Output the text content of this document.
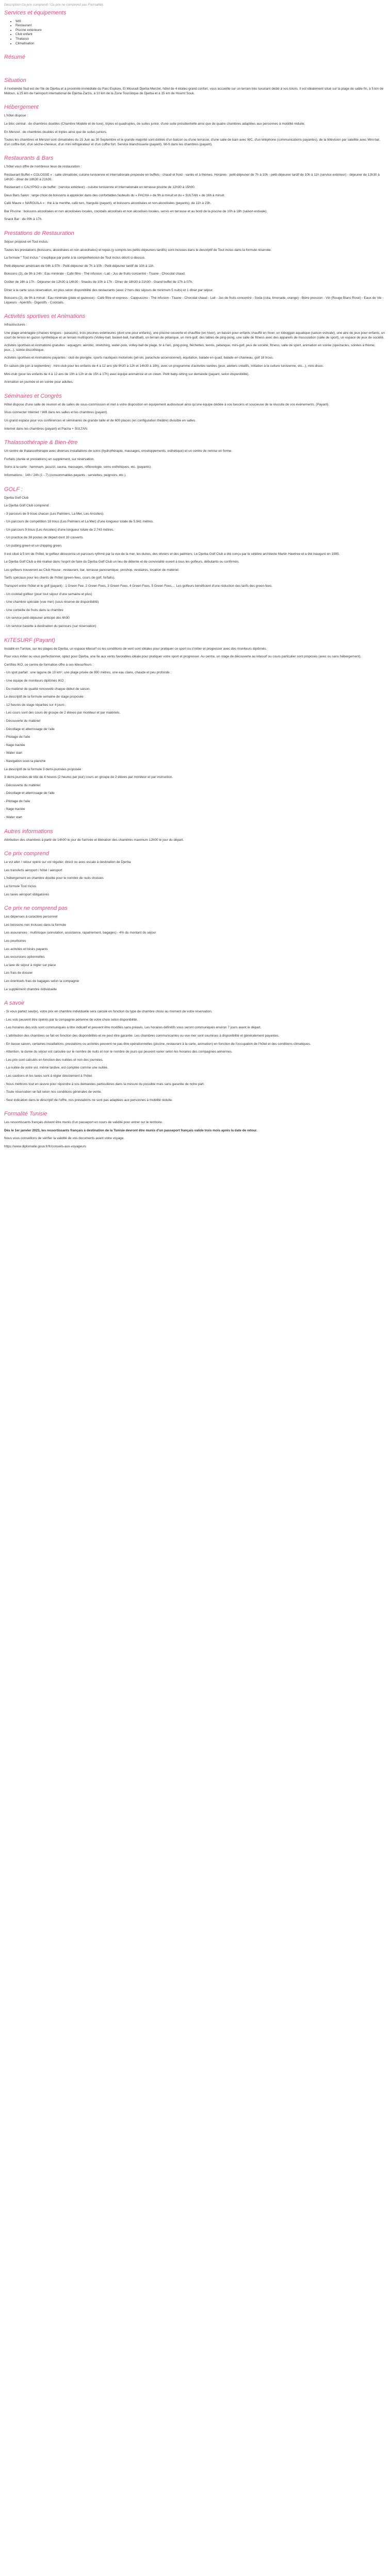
Description Ce prix comprend / Ce prix ne comprend pas Formalités
Services et équipements
• Wifi
• Restaurant
• Piscine extérieure
• Club enfant
• Thalasso
• Climatisation
Résumé
Situation

À l'extrémité Sud est de l'île de Djerba et à proximité immédiate du Parc Explore, El Mouradi Djerba Menzel, hôtel de 4 étoiles grand confort, vous accueille sur un terrain très luxuriant dédié à vos loisirs. Il est idéalement situé sur la plage de sable fin, à 5 km de Midoun, à 25 km de l'aéroport international de Djerba-Zarzis, à 10 km de la Zone Touristique de Djerba et à 15 km de Houmt Souk.

Hébergement

L'hôtel dispose :

Le bloc central : de chambres doubles (Chambre Modèle et de luxe), triples et quadruples, de suites junior, d'une suite présidentielle ainsi que de quatre chambres adaptées aux personnes à mobilité réduite.

En Menzel : de chambres doubles et triples ainsi que de suites juniors.

Toutes les chambres et Menzel sont climatisées du 15 Juin au 30 Septembre et le grande majorité sont dotées d'un balcon ou d'une terrasse, d'une salle de bain avec WC, d'un téléphone (communications payantes), de la télévision par satellite avec Mini-bar, d'un coffre-fort, d'un sèche-cheveux, d'un mini réfrigérateur et d'un coffre fort. Service blanchisserie (payant). Wi-fi dans les chambres (payant).

Restaurants & Bars

L'hôtel vous offre de nombreux lieux de restauration :

Restaurant Buffet « COLOSSE » : salle climatisée, cuisine tunisienne et internationale proposée en buffets - chaud et froid - variés et à thèmes. Horaires : petit-déjeuner de 7h à 10h - petit-déjeuner tardif de 10h à 11h (service extérieur) - déjeuner de 12h30 à 14h30 - dîner de 18h30 à 21h30.

Restaurant « CALYPSO » de buffet : (service extérieur) - cuisine tunisienne et internationale en terrasse piscine de 12h30 à 15h00.

Deux Bars Salon : large choix de boissons à apprécier dans des confortables fauteuils du « PACHA » de 9h à minuit et du « SULTAN » de 16h à minuit.

Café Maure « NARGUILA » : thé à la menthe, café turc, Narguilé (payant), et boissons alcoolisées et non-alcoolisées (payants), de 11h à 23h.

Bar Piscine : boissons alcoolisées et non alcoolisées locales, cocktails alcoolisés et non alcoolisés locales, servis en terrasse et au bord de la piscine de 10h à 18h (saison estivale).

Snack Bar : de 09h à 17h.

Prestations de Restauration

Séjour proposé en Tout inclus.

Toutes les prestations (boissons, alcoolisées et non alcoolisées) et repas (y compris les petits déjeuners tardifs) sont incluses dans le descriptif de Tout inclus dans la formule réservée.

La formule " Tout inclus " s'explique par porté à la compréhension de Tout inclus décrit ci-dessus.

Petit-déjeuner américain de 04h à 07h - Petit-déjeuner de 7h à 10h - Petit-déjeuner tardif de 10h à 11h.

Boissons (2), de 9h à 24h : Eau minérale - Café filtre - Thé infusion - Lait - Jus de fruits concentré - Tisane - Chocolat chaud.

Goûter de 16h à 17h - Déjeuner de 12h30 à 14h30 - Snacks de 10h à 17h - Dîner de 18h30 à 21h30 - Grand buffet de 17h à 07h.

Dîner à la carte sous réservation, en plus selon disponibilité des restaurants (avec 2 hors des séjours de minimum 5 nuits) et 1 dîner par séjour.

Boissons (2), de 9h à minuit : Eau minérale (plate et gazeuse) - Café filtre et express - Cappuccino - Thé infusion - Tisane - Chocolat chaud - Lait - Jus de fruits concentré - Soda (cola, limonade, orange) - Bière pression - Vin (Rouge Blanc Rosé) - Eaux de Vie - Liqueurs - Apéritifs - Digestifs - Cocktails.

Activités sportives et Animations

Infrastructures :

Une plage aménagée (chaises longues - parasols), trois piscines extérieures (dont une pour enfants), une piscine couverte et chauffée (en hiver), un bassin pour enfants chauffé en hiver, un toboggan aquatique (saison estivale), une aire de jeux pour enfants, un court de tennis en gazon synthétique et un terrain multisports (Volley-ball, basket-ball, handball), un terrain de pétanque, un mini-golf, des tables de ping-pong, une salle de fitness avec des appareils de musculation (salle de sport), un espace de jeux de société.

Activités sportives et Animations gratuites : aquagym, aérobic, stretching, water-polo, volley-ball de plage, tir à l'arc, ping-pong, fléchettes, tennis, pétanque, mini-golf, jeux de société, fitness, salle de sport, animation en soirée (spectacles, soirées à thème, jeux...), soirée discothèque.

Activités sportives et Animations payantes : club de plongée, sports nautiques motorisés (jet-ski, parachute ascensionnel), équitation, balade en quad, balade en chameau, golf 18 trous.

En saison (de juin à septembre) : mini-club pour les enfants de 4 à 12 ans (de 9h30 à 12h et 14h30 à 18h), avec un programme d'activités variées (jeux, ateliers créatifs, initiation à la culture tunisienne, etc...), mini-disco.

Mini-club (pour les enfants de 4 à 12 ans de 10h à 12h et de 15h à 17h) avec équipe animatrice et un clown. Petit baby-sitting sur demande (payant, selon disponibilité).

Animation en journée et en soirée pour adultes.

Séminaires et Congrès

Hôtel dispose d'une salle de réunion et de salles de sous-commission et met à votre disposition en équipement audiovisuel ainsi qu'une équipe dédiée à vos besoins et soucieuse de la réussite de vos événements. (Payant).

Vous connecter Internet ! Wifi dans les salles et les chambres (payant).

Un grand espace pour vos conférences et séminaires de grande taille et de 600 places (en configuration théâtre) divisible en salles.

Internet dans les chambres (payant) et Pacha + SULTAN.

Thalassothérapie & Bien-être

Un centre de thalassothérapie avec diverses installations de soins (hydrothérapie, massages, enveloppements, esthétique) et un centre de remise en forme.

Forfaits (durée et prestations) en supplément, sur réservation.

Soins à la carte : hammam, jacuzzi, sauna, massages, réflexologie, soins esthétiques, etc. (payants).

Informations : 14h / 24h (1 - 7) (consommables payants : serviettes, peignoirs, etc.).

GOLF :

Djerba Golf Club

Le Djerba Golf Club comprend :

- 3 parcours de 9 trous chacun (Les Palmiers, La Mer, Les Ancolies).

- Un parcours de compétition 18 trous (Les Palmiers et La Mer) d'une longueur totale de 5.941 mètres.

- Un parcours 9 trous (Les Ancolies) d'une longueur totale de 2.743 mètres.

- Un practice de 38 postes de départ dont 10 couverts.

- Un putting green et un chipping green.

Il est situé à 5 km de l'hôtel, le golfeur découvrira un parcours rythmé par la vue de la mer, les dunes, des oliviers et des palmiers. Le Djerba Golf Club a été conçu par le célèbre architecte Martin Hawtree et a été inauguré en 1995.

Le Djerba Golf Club a été réalisé dans l'esprit de faire du Djerba Golf Club un lieu de détente et de convivialité ouvert à tous les golfeurs, débutants ou confirmés.

Les golfeurs trouveront au Club House : restaurant, bar, terrasse panoramique, proshop, vestiaires, location de matériel.

Tarifs spéciaux pour les clients de l'hôtel (green-fees, cours de golf, forfaits).

Transport entre l'hôtel et le golf (payant) : 1 Green Fee, 2 Green Fees, 3 Green Fees, 4 Green Fees, 5 Green Fees,... Les golfeurs bénéficient d'une réduction des tarifs des green-fees.

- Un cocktail golfeur (pour tout séjour d'une semaine et plus)

- Une chambre spéciale (vue mer) (sous réserve de disponibilité)

- Une corbeille de fruits dans la chambre

- Un service petit-déjeuner anticipé dès 6h30

- Un service navette à destination du parcours (sur réservation)

KITESURF (Payant)

Installé en Tunisie, sur les plages de Djerba, un espace kitesurf où les conditions de vent sont idéales pour pratiquer ce sport ou s'initier et progresser avec des moniteurs diplômés.

Pour vous initier ou vous perfectionner, optez pour Djerba, une île aux vents favorables idéale pour pratiquer votre sport et progresser. Au centre, un stage de découverte au kitesurf ou cours particulier sont proposés (avec ou sans hébergement).

Certifiés IKO, ce centre de formation offre à ses kitesurfeurs :

- Un spot parfait : une lagune de 10 km², une plage privée de 800 mètres, une eau claire, chaude et peu profonde ;

- Une équipe de moniteurs diplômés IKO ;

- Du matériel de qualité renouvelé chaque début de saison.

Le descriptif de la formule semaine de stage proposée :

- 12 heures de stage réparties sur 4 jours ;

- Les cours sont des cours de groupe de 2 élèves par moniteur et par matériels.

- Découverte du matériel

- Décollage et atterrissage de l'aile

- Pilotage de l'aile

- Nage tractée

- Water start

- Navigation sous la planche

Le descriptif de la formule 3 demi-journées proposée :

3 demi-journées de kite de 4 heures (2 heures par jour) cours en groupe de 2 élèves par moniteur et par instruction.

- Découverte du matériel

- Décollage et atterrissage de l'aile

- Pilotage de l'aile

- Nage tractée

- Water start

Autres informations

Attribution des chambres à partir de 14h00 le jour de l'arrivée et libération des chambres maximum 12h00 le jour du départ.

Ce prix comprend

Le vol aller / retour opéré sur vol régulier, direct ou avec escale à destination de Djerba

Les transferts aéroport / hôtel / aéroport

L'hébergement en chambre double pour le nombre de nuits choisies

La formule Tout Inclus

Les taxes aéroport obligatoires

Ce prix ne comprend pas

Les dépenses à caractère personnel

Les boissons non incluses dans la formule

Les assurances : multirisque (annulation, assistance, rapatriement, bagages) - 4% du montant du séjour

Les pourboires

Les activités et loisirs payants

Les excursions optionnelles

La taxe de séjour à régler sur place

Les frais de dossier

Les éventuels frais de bagages selon la compagnie

Le supplément chambre individuelle

A savoir

- Si vous partez seul(e), votre prix en chambre individuelle sera calculé en fonction du type de chambre choisi au moment de votre réservation.

- Les vols peuvent être opérés par la compagnie aérienne de votre choix selon disponibilité.

- Les horaires des vols sont communiqués à titre indicatif et peuvent être modifiés sans préavis. Les horaires définitifs vous seront communiqués environ 7 jours avant le départ.

- L'attribution des chambres se fait en fonction des disponibilités et ne peut être garantie. Les chambres communicantes ou vue mer sont soumises à disponibilité et généralement payantes.

- En basse saison, certaines installations, prestations ou activités peuvent ne pas être opérationnelles (piscine, restaurant à la carte, animation) en fonction de l'occupation de l'hôtel et des conditions climatiques.

- Attention, la durée du séjour est calculée sur le nombre de nuits et non le nombre de jours qui peuvent varier selon les horaires des compagnies aériennes.

- Les prix sont calculés en fonction des nuitées et non des journées.

- La nuitée de votre vol, même tardive, est comptée comme une nuitée.

- Les cautions et les taxes sont à régler directement à l'hôtel.

- Nous mettrons tout en œuvre pour répondre à vos demandes particulières dans la mesure du possible mais sans garantie de notre part.

- Toute réservation se fait selon nos conditions générales de vente.

- Seul indication dans le descriptif de l'offre, nos prestations ne sont pas adaptées aux personnes à mobilité réduite.

Formalité Tunisie

Les ressortissants français doivent être munis d'un passeport en cours de validité pour entrer sur le territoire.

Dès le 1er janvier 2023, les ressortissants français à destination de la Tunisie devront être munis d'un passeport français valide trois mois après la date de retour.

Nous vous conseillons de vérifier la validité de vos documents avant votre voyage.

https://www.diplomatie.gouv.fr/fr/conseils-aux-voyageurs
